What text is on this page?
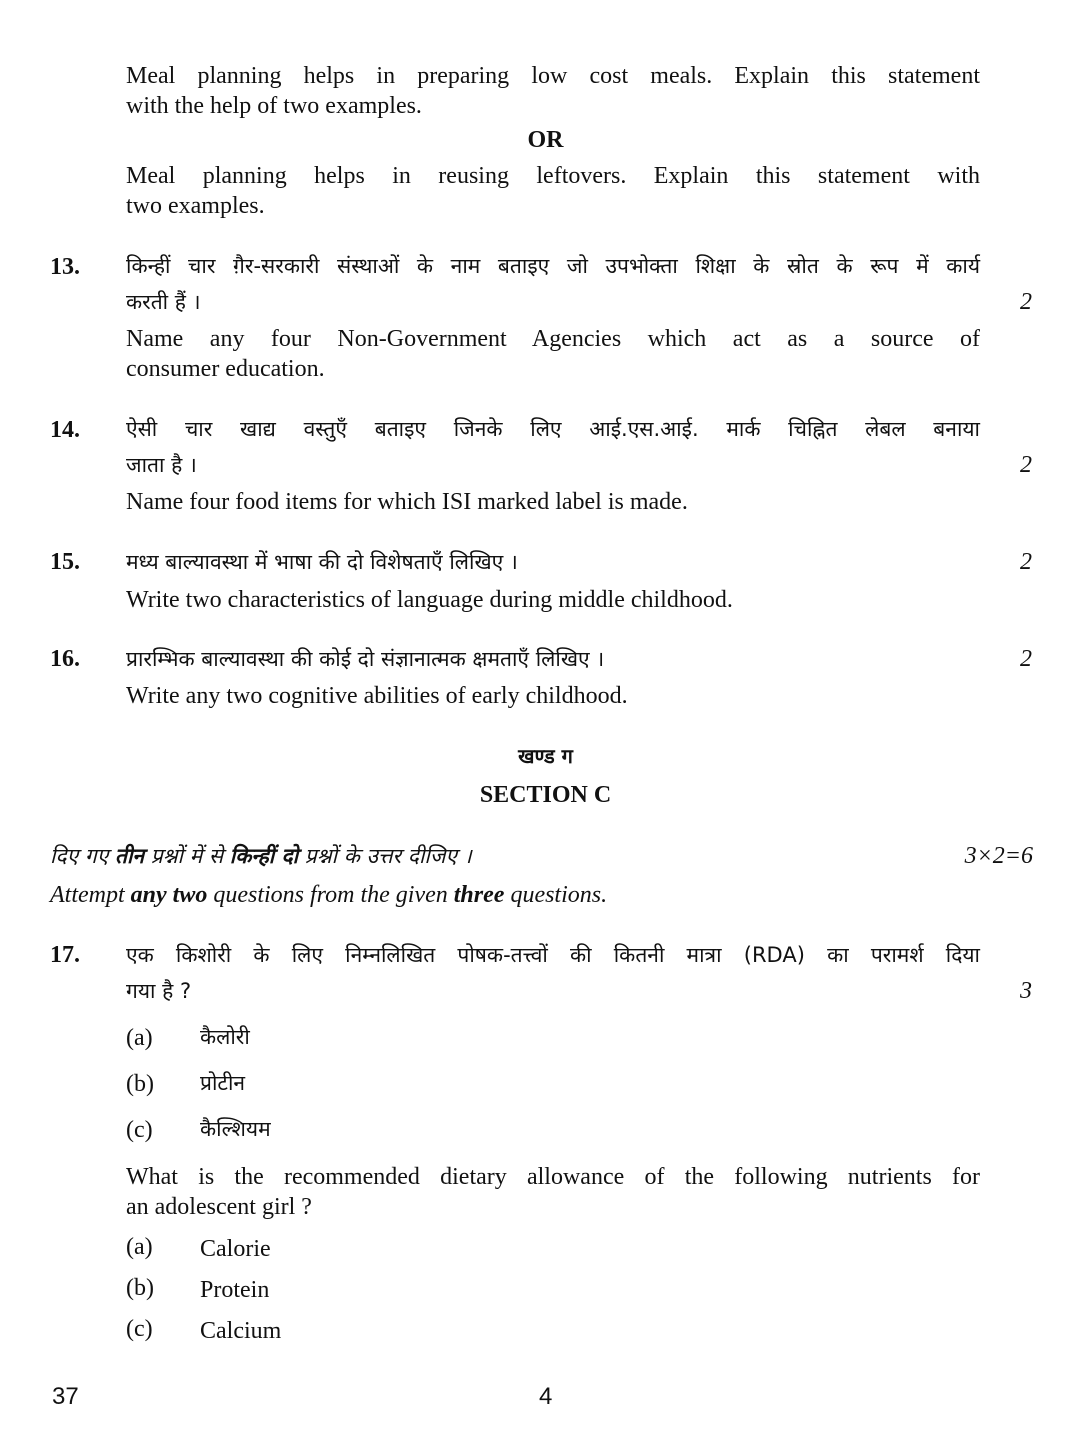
Meal planning helps in preparing low cost meals. Explain this statement
with the help of two examples.
OR
Meal planning helps in reusing leftovers. Explain this statement with
two examples.
13. किन्हीं चार ग़ैर-सरकारी संस्थाओं के नाम बताइए जो उपभोक्ता शिक्षा के स्रोत के रूप में कार्य
करती हैं ।	2
Name any four Non-Government Agencies which act as a source of
consumer education.
14. ऐसी चार खाद्य वस्तुएँ बताइए जिनके लिए आई.एस.आई. मार्क चिह्नित लेबल बनाया
जाता है ।	2
Name four food items for which ISI marked label is made.
15. मध्य बाल्यावस्था में भाषा की दो विशेषताएँ लिखिए ।	2
Write two characteristics of language during middle childhood.
16. प्रारम्भिक बाल्यावस्था की कोई दो संज्ञानात्मक क्षमताएँ लिखिए ।	2
Write any two cognitive abilities of early childhood.
खण्ड ग
SECTION C
दिए गए तीन प्रश्नों में से किन्हीं दो प्रश्नों के उत्तर दीजिए ।	3×2=6
Attempt any two questions from the given three questions.
17. एक किशोरी के लिए निम्नलिखित पोषक-तत्त्वों की कितनी मात्रा (RDA) का परामर्श दिया
गया है ?	3
(a) कैलोरी
(b) प्रोटीन
(c) कैल्शियम
What is the recommended dietary allowance of the following nutrients for
an adolescent girl ?
(a) Calorie
(b) Protein
(c) Calcium
37	4
